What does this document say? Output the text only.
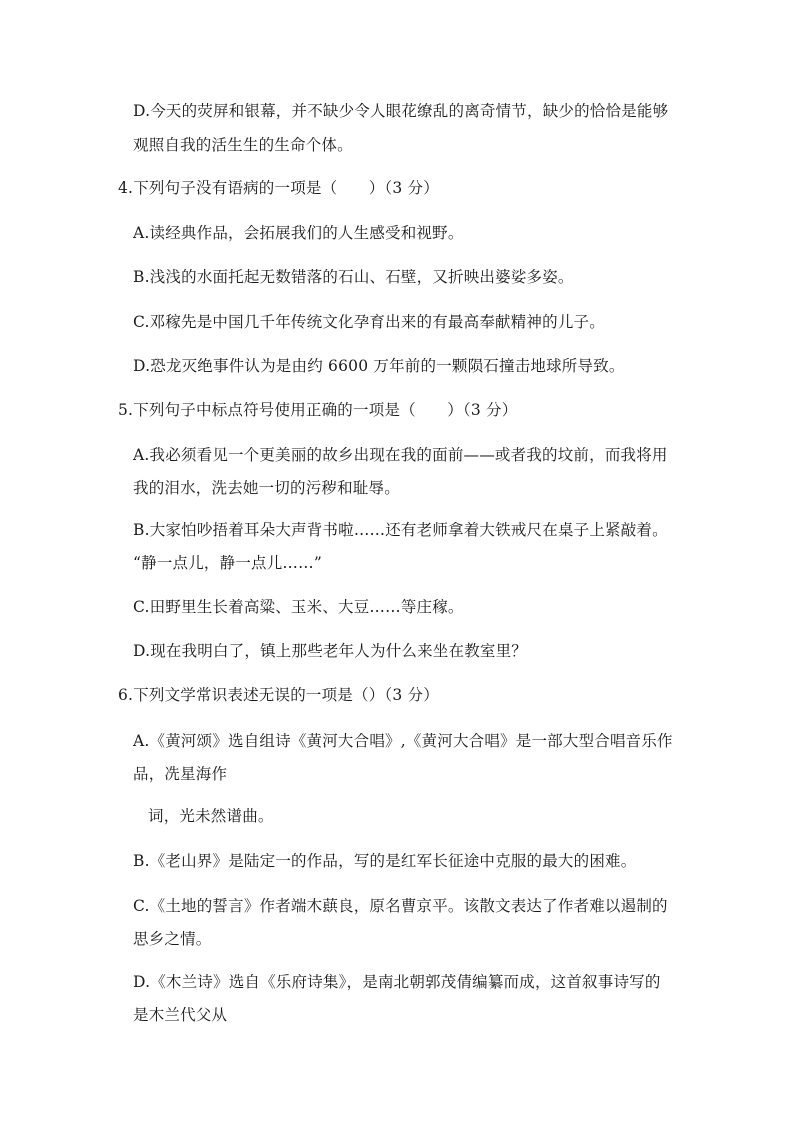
D.今天的荧屏和银幕，并不缺少令人眼花缭乱的离奇情节，缺少的恰恰是能够
观照自我的活生生的生命个体。
4.下列句子没有语病的一项是（　　）（3 分）
A.读经典作品，会拓展我们的人生感受和视野。
B.浅浅的水面托起无数错落的石山、石壁，又折映出婆娑多姿。
C.邓稼先是中国几千年传统文化孕育出来的有最高奉献精神的儿子。
D.恐龙灭绝事件认为是由约 6600 万年前的一颗陨石撞击地球所导致。
5.下列句子中标点符号使用正确的一项是（　　）（3 分）
A.我必须看见一个更美丽的故乡出现在我的面前——或者我的坟前，而我将用
我的泪水，洗去她一切的污秽和耻辱。
B.大家怕吵捂着耳朵大声背书啦……还有老师拿着大铁戒尺在桌子上紧敲着。
“静一点儿，静一点儿……”
C.田野里生长着高粱、玉米、大豆……等庄稼。
D.现在我明白了，镇上那些老年人为什么来坐在教室里？
6.下列文学常识表述无误的一项是（）（3 分）
A.《黄河颂》选自组诗《黄河大合唱》,《黄河大合唱》是一部大型合唱音乐作
品，冼星海作
词，光未然谱曲。
B.《老山界》是陆定一的作品，写的是红军长征途中克服的最大的困难。
C.《土地的誓言》作者端木蕻良，原名曹京平。该散文表达了作者难以遏制的
思乡之情。
D.《木兰诗》选自《乐府诗集》，是南北朝郭茂倩编纂而成，这首叙事诗写的
是木兰代父从
